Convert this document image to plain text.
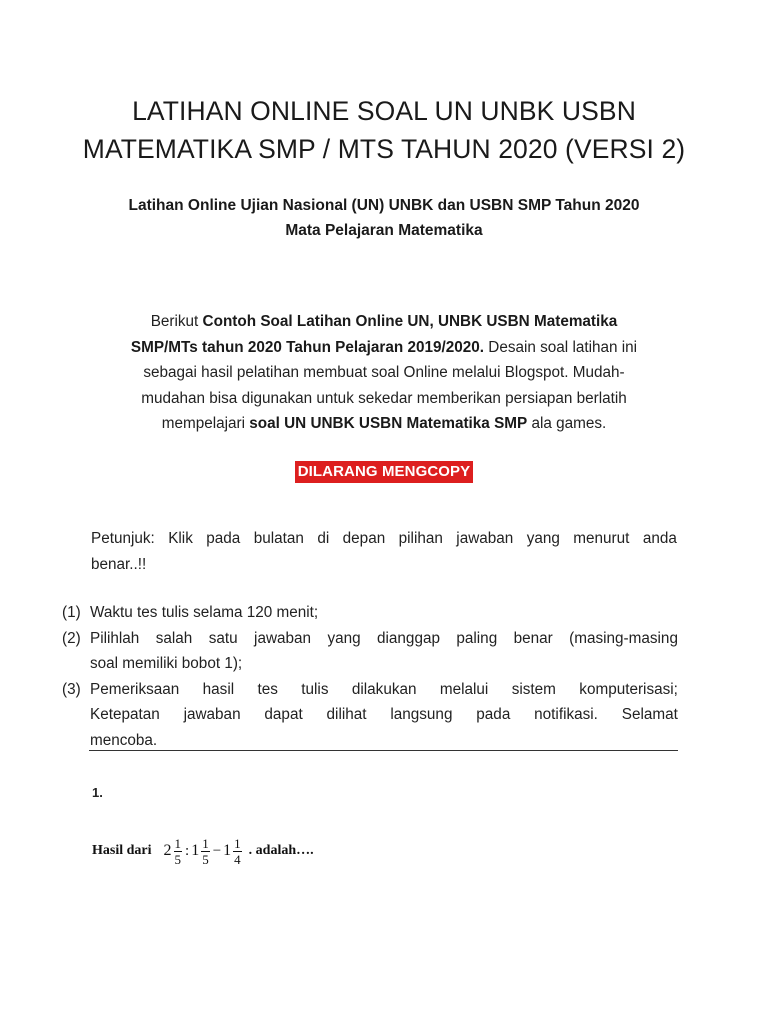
LATIHAN ONLINE SOAL UN UNBK USBN
MATEMATIKA SMP / MTS TAHUN 2020 (VERSI 2)
Latihan Online Ujian Nasional (UN) UNBK dan USBN SMP Tahun 2020
Mata Pelajaran Matematika
Berikut Contoh Soal Latihan Online UN, UNBK USBN Matematika
SMP/MTs tahun 2020 Tahun Pelajaran 2019/2020. Desain soal latihan ini
sebagai hasil pelatihan membuat soal Online melalui Blogspot. Mudah-
mudahan bisa digunakan untuk sekedar memberikan persiapan berlatih
mempelajari soal UN UNBK USBN Matematika SMP ala games.
DILARANG MENGCOPY
Petunjuk: Klik pada bulatan di depan pilihan jawaban yang menurut anda
benar..!!
(1) Waktu tes tulis selama 120 menit;
(2) Pilihlah salah satu jawaban yang dianggap paling benar (masing-masing
soal memiliki bobot 1);
(3) Pemeriksaan hasil tes tulis dilakukan melalui sistem komputerisasi;
Ketepatan jawaban dapat dilihat langsung pada notifikasi. Selamat
mencoba.
1.
Hasil dari $2 \frac{1}{5}$ : $1 \frac{1}{5} - 1 \frac{1}{4}$ . adalah….
